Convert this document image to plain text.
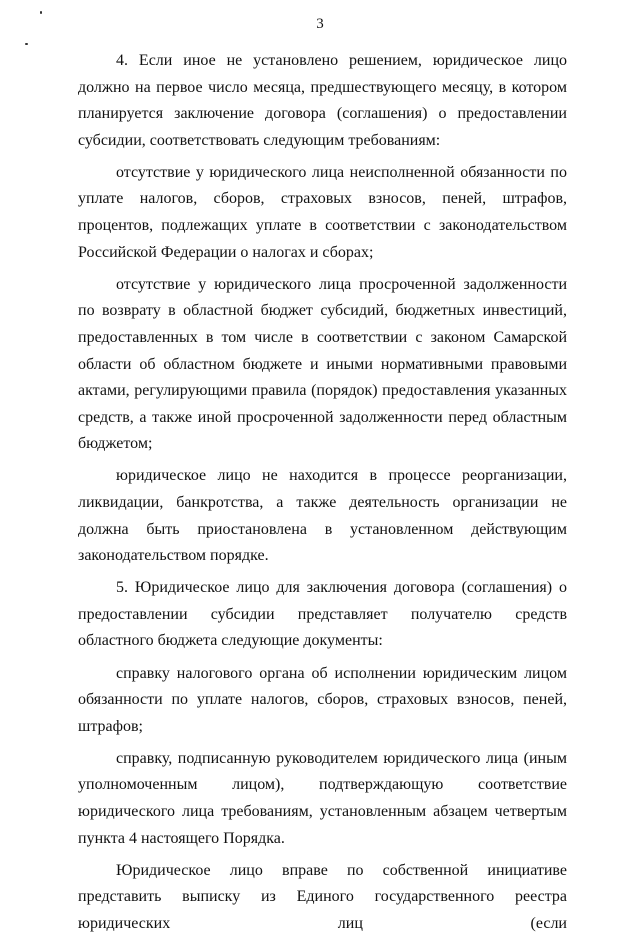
3

4. Если иное не установлено решением, юридическое лицо должно на первое число месяца, предшествующего месяцу, в котором планируется заключение договора (соглашения) о предоставлении субсидии, соответствовать следующим требованиям:

отсутствие у юридического лица неисполненной обязанности по уплате налогов, сборов, страховых взносов, пеней, штрафов, процентов, подлежащих уплате в соответствии с законодательством Российской Федерации о налогах и сборах;

отсутствие у юридического лица просроченной задолженности по возврату в областной бюджет субсидий, бюджетных инвестиций, предоставленных в том числе в соответствии с законом Самарской области об областном бюджете и иными нормативными правовыми актами, регулирующими правила (порядок) предоставления указанных средств, а также иной просроченной задолженности перед областным бюджетом;

юридическое лицо не находится в процессе реорганизации, ликвидации, банкротства, а также деятельность организации не должна быть приостановлена в установленном действующим законодательством порядке.

5. Юридическое лицо для заключения договора (соглашения) о предоставлении субсидии представляет получателю средств областного бюджета следующие документы:

справку налогового органа об исполнении юридическим лицом обязанности по уплате налогов, сборов, страховых взносов, пеней, штрафов;

справку, подписанную руководителем юридического лица (иным уполномоченным лицом), подтверждающую соответствие юридического лица требованиям, установленным абзацем четвертым пункта 4 настоящего Порядка.

Юридическое лицо вправе по собственной инициативе представить выписку из Единого государственного реестра юридических лиц (если
